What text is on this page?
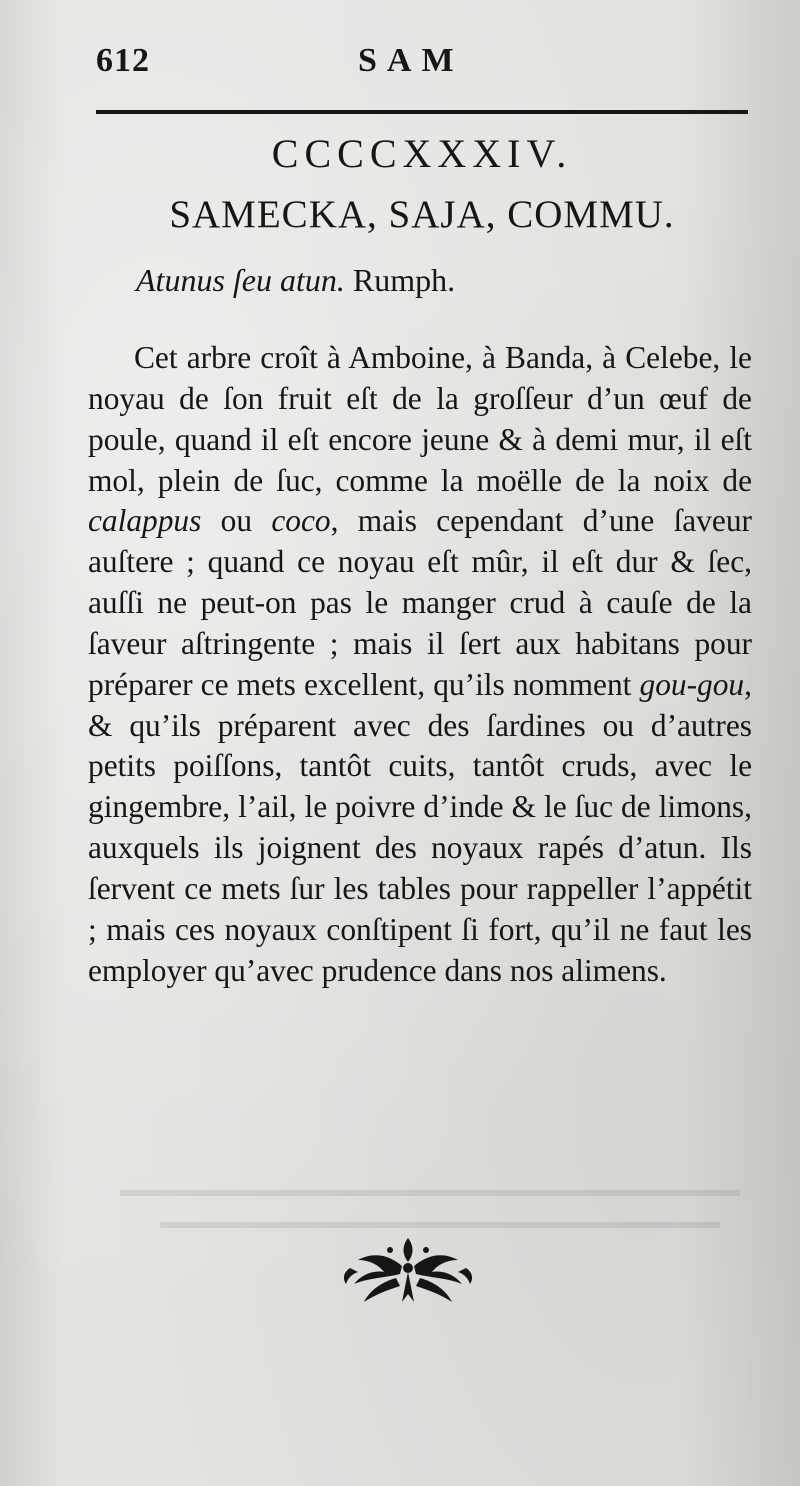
612	SAM
CCCCXXXIV.
SAMECKA, SAJA, COMMU.
Atunus ſeu atun. Rumph.

Cet arbre croît à Amboine, à Banda, à Celebe, le noyau de ſon fruit eſt de la groſſeur d’un œuf de poule, quand il eſt encore jeune & à demi mur, il eſt mol, plein de ſuc, comme la moëlle de la noix de calappus ou coco, mais cependant d’une ſaveur auſtere ; quand ce noyau eſt mûr, il eſt dur & ſec, auſſi ne peut-on pas le manger crud à cauſe de la ſaveur aſtringente ; mais il ſert aux habitans pour préparer ce mets excellent, qu’ils nomment gou-gou, & qu’ils préparent avec des ſardines ou d’autres petits poiſſons, tantôt cuits, tantôt cruds, avec le gingembre, l’ail, le poivre d’inde & le ſuc de limons, auxquels ils joignent des noyaux rapés d’atun. Ils ſervent ce mets ſur les tables pour rappeller l’appétit ; mais ces noyaux conſtipent ſi fort, qu’il ne faut les employer qu’avec prudence dans nos alimens.
